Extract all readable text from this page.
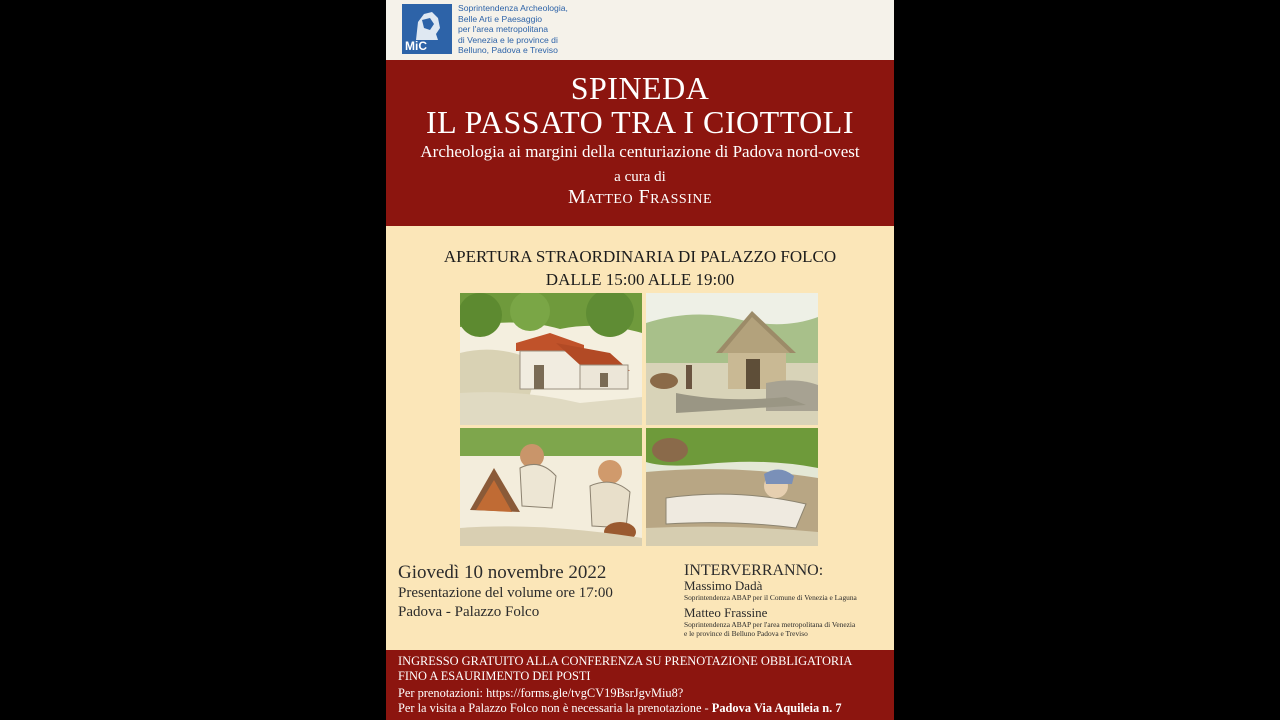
MiC
Soprintendenza Archeologia,
Belle Arti e Paesaggio
per l'area metropolitana
di Venezia e le province di
Belluno, Padova e Treviso
SPINEDA
IL PASSATO TRA I CIOTTOLI
Archeologia ai margini della centuriazione di Padova nord-ovest
a cura di
Matteo Frassine
APERTURA STRAORDINARIA DI PALAZZO FOLCO
DALLE 15:00 ALLE 19:00
Giovedì 10 novembre 2022
Presentazione del volume ore 17:00
Padova - Palazzo Folco
INTERVERRANNO:
Massimo Dadà
Soprintendenza ABAP per il Comune di Venezia e Laguna
Matteo Frassine
Soprintendenza ABAP per l'area metropolitana di Venezia
e le province di Belluno Padova e Treviso
INGRESSO GRATUITO ALLA CONFERENZA SU PRENOTAZIONE OBBLIGATORIA
FINO A ESAURIMENTO DEI POSTI
Per prenotazioni: https://forms.gle/tvgCV19BsrJgvMiu8?
Per la visita a Palazzo Folco non è necessaria la prenotazione - Padova Via Aquileia n. 7
